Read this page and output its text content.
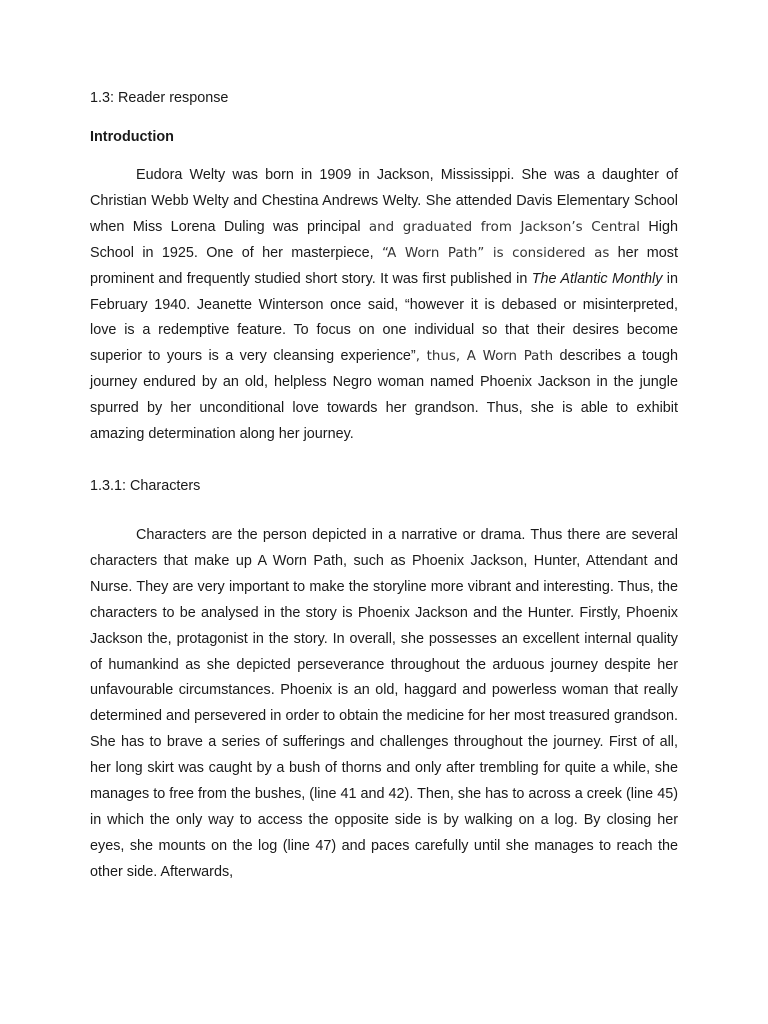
1.3: Reader response

Introduction

Eudora Welty was born in 1909 in Jackson, Mississippi. She was a daughter of Christian Webb Welty and Chestina Andrews Welty. She attended Davis Elementary School when Miss Lorena Duling was principal and graduated from Jackson’s Central High School in 1925. One of her masterpiece, “A Worn Path” is considered as her most prominent and frequently studied short story. It was first published in The Atlantic Monthly in February 1940. Jeanette Winterson once said, “however it is debased or misinterpreted, love is a redemptive feature. To focus on one individual so that their desires become superior to yours is a very cleansing experience”, thus, A Worn Path describes a tough journey endured by an old, helpless Negro woman named Phoenix Jackson in the jungle spurred by her unconditional love towards her grandson. Thus, she is able to exhibit amazing determination along her journey.

1.3.1: Characters

Characters are the person depicted in a narrative or drama. Thus there are several characters that make up A Worn Path, such as Phoenix Jackson, Hunter, Attendant and Nurse. They are very important to make the storyline more vibrant and interesting. Thus, the characters to be analysed in the story is Phoenix Jackson and the Hunter. Firstly, Phoenix Jackson the, protagonist in the story. In overall, she possesses an excellent internal quality of humankind as she depicted perseverance throughout the arduous journey despite her unfavourable circumstances. Phoenix is an old, haggard and powerless woman that really determined and persevered in order to obtain the medicine for her most treasured grandson. She has to brave a series of sufferings and challenges throughout the journey. First of all, her long skirt was caught by a bush of thorns and only after trembling for quite a while, she manages to free from the bushes, (line 41 and 42). Then, she has to across a creek (line 45) in which the only way to access the opposite side is by walking on a log. By closing her eyes, she mounts on the log (line 47) and paces carefully until she manages to reach the other side. Afterwards,
